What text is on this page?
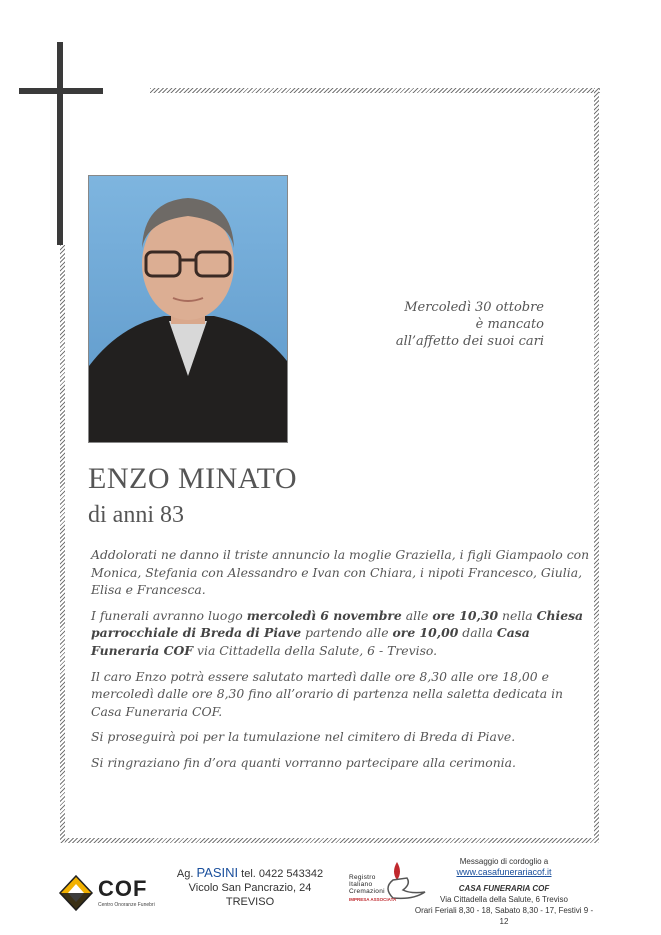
Mercoledì 30 ottobre
è mancato
all’affetto dei suoi cari
ENZO MINATO
di anni 83

Addolorati ne danno il triste annuncio la moglie Graziella, i figli Giampaolo con Monica, Stefania con Alessandro e Ivan con Chiara, i nipoti Francesco, Giulia, Elisa e Francesca.

I funerali avranno luogo mercoledì 6 novembre alle ore 10,30 nella Chiesa parrocchiale di Breda di Piave partendo alle ore 10,00 dalla Casa Funeraria COF via Cittadella della Salute, 6 - Treviso.

Il caro Enzo potrà essere salutato martedì dalle ore 8,30 alle ore 18,00 e mercoledì dalle ore 8,30 fino all’orario di partenza nella saletta dedicata in Casa Funeraria COF.

Si proseguirà poi per la tumulazione nel cimitero di Breda di Piave.

Si ringraziano fin d’ora quanti vorranno partecipare alla cerimonia.

COF
Centro Onoranze Funebri
Ag. PASINI tel. 0422 543342
Vicolo San Pancrazio, 24
TREVISO
Registro
Italiano
Cremazioni
IMPRESA ASSOCIATA
Messaggio di cordoglio a
www.casafunerariacof.it
CASA FUNERARIA COF
Via Cittadella della Salute, 6 Treviso
Orari Feriali 8,30 - 18, Sabato 8,30 - 17, Festivi 9 - 12
